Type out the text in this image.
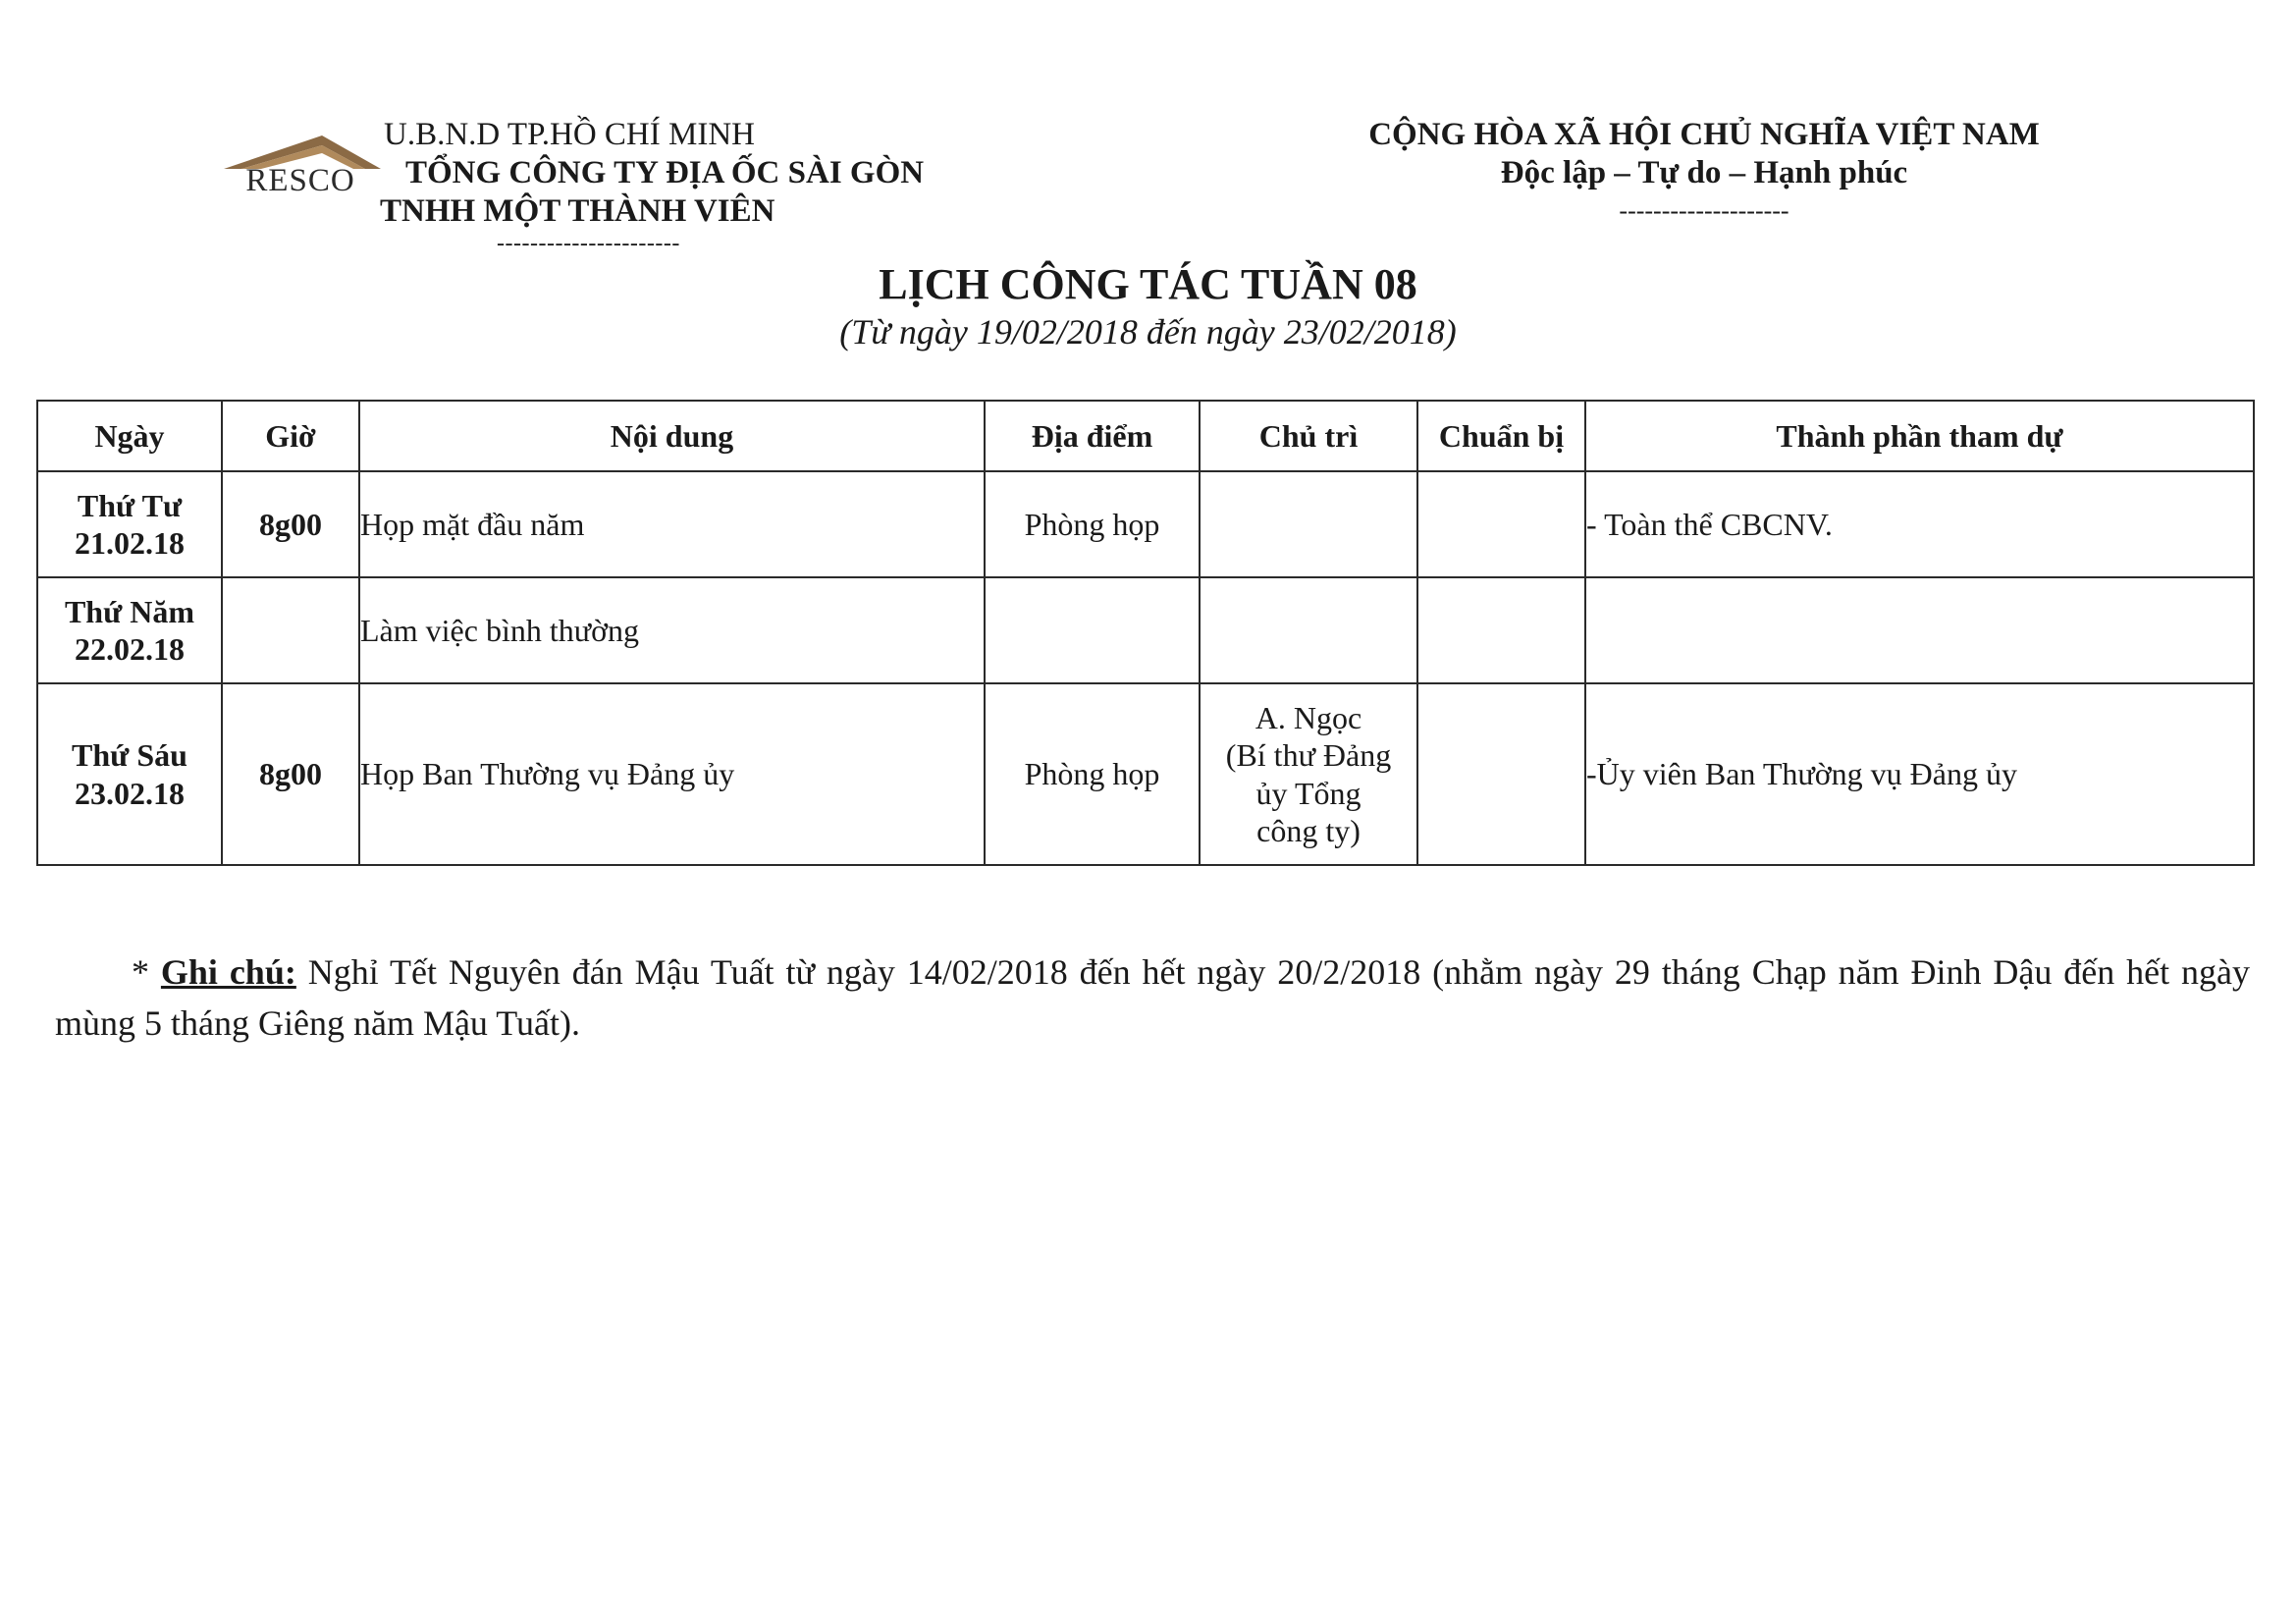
RESCO
U.B.N.D TP.HỒ CHÍ MINH
TỔNG CÔNG TY ĐỊA ỐC SÀI GÒN
TNHH MỘT THÀNH VIÊN
----------------------
CỘNG HÒA XÃ HỘI CHỦ NGHĨA VIỆT NAM
Độc lập – Tự do – Hạnh phúc
--------------------
LỊCH CÔNG TÁC TUẦN 08
(Từ ngày 19/02/2018 đến ngày 23/02/2018)
Ngày	Giờ	Nội dung	Địa điểm	Chủ trì	Chuẩn bị	Thành phần tham dự

Thứ Tư
21.02.18	8g00	Họp mặt đầu năm	Phòng họp			- Toàn thể CBCNV.

Thứ Năm
22.02.18		Làm việc bình thường				

Thứ Sáu
23.02.18	8g00	Họp Ban Thường vụ Đảng ủy	Phòng họp	A. Ngọc
(Bí thư Đảng
ủy Tổng
công ty)		-Ủy viên Ban Thường vụ Đảng ủy
* Ghi chú: Nghỉ Tết Nguyên đán Mậu Tuất từ ngày 14/02/2018 đến hết ngày 20/2/2018 (nhằm ngày 29 tháng Chạp năm Đinh Dậu đến hết ngày mùng 5 tháng Giêng năm Mậu Tuất).
